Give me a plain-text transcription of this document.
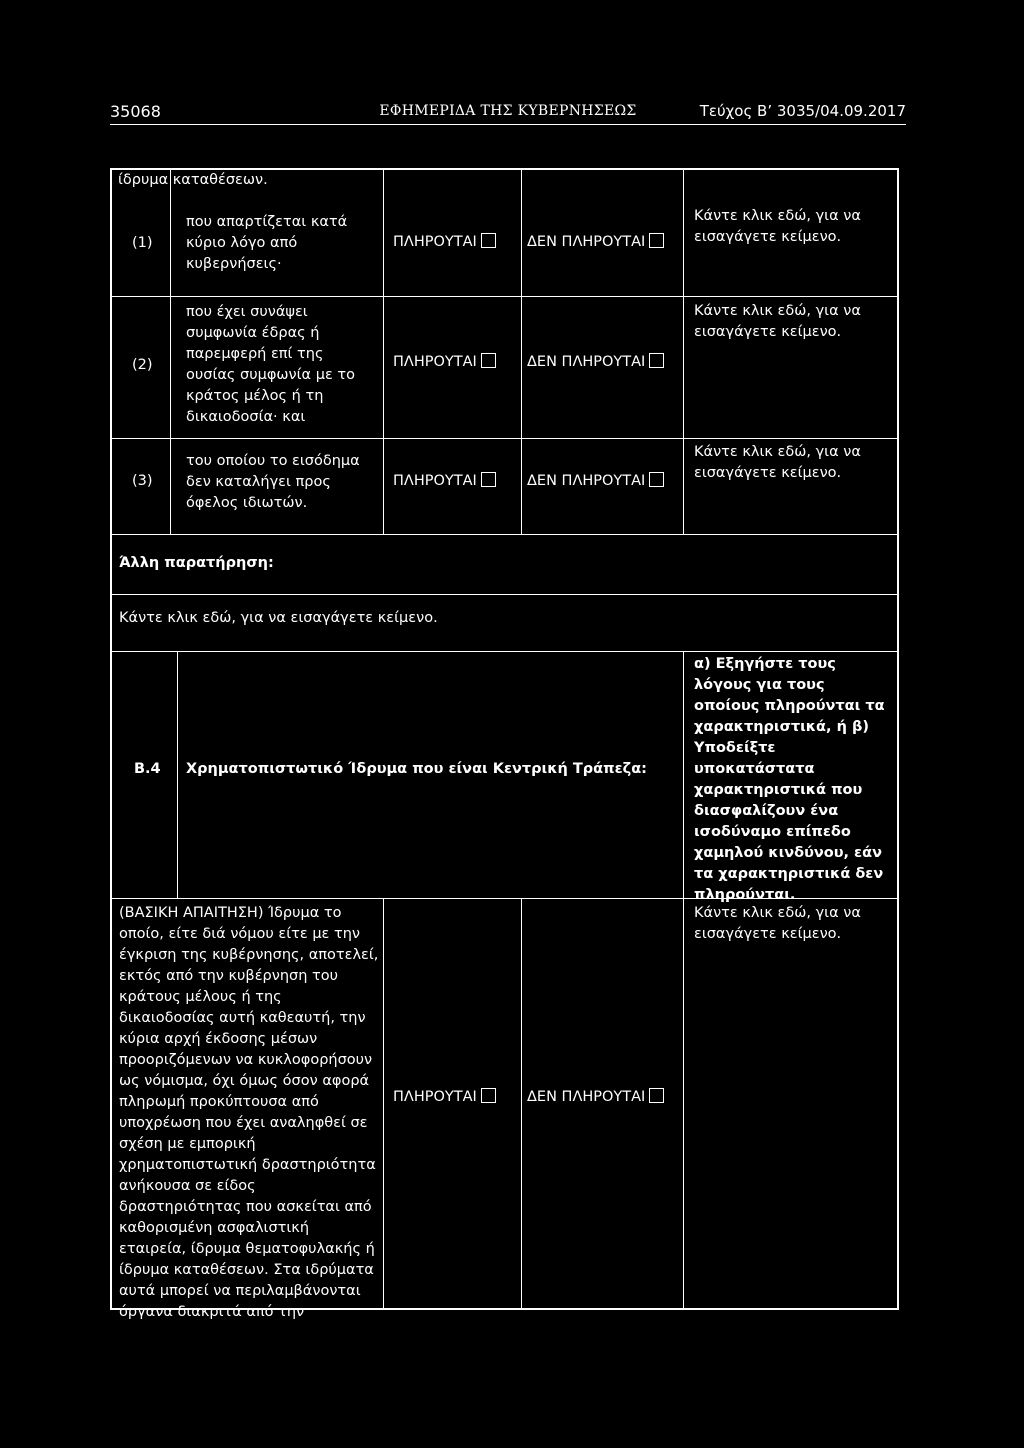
35068	ΕΦΗΜΕΡΙΔΑ ΤΗΣ ΚΥΒΕΡΝΗΣΕΩΣ	Τεύχος Β’ 3035/04.09.2017
ίδρυμα καταθέσεων.
(1)
που απαρτίζεται κατά κύριο λόγο από κυβερνήσεις·
ΠΛΗΡΟΥΤΑΙ	ΔΕΝ ΠΛΗΡΟΥΤΑΙ
Κάντε κλικ εδώ, για να εισαγάγετε κείμενο.
(2)
που έχει συνάψει συμφωνία έδρας ή παρεμφερή επί της ουσίας συμφωνία με το κράτος μέλος ή τη δικαιοδοσία· και
ΠΛΗΡΟΥΤΑΙ	ΔΕΝ ΠΛΗΡΟΥΤΑΙ
Κάντε κλικ εδώ, για να εισαγάγετε κείμενο.
(3)
του οποίου το εισόδημα δεν καταλήγει προς όφελος ιδιωτών.
ΠΛΗΡΟΥΤΑΙ	ΔΕΝ ΠΛΗΡΟΥΤΑΙ
Κάντε κλικ εδώ, για να εισαγάγετε κείμενο.
Άλλη παρατήρηση:
Κάντε κλικ εδώ, για να εισαγάγετε κείμενο.
Β.4 Χρηματοπιστωτικό Ίδρυμα που είναι Κεντρική Τράπεζα:
α) Εξηγήστε τους λόγους για τους οποίους πληρούνται τα χαρακτηριστικά, ή β) Υποδείξτε υποκατάστατα χαρακτηριστικά που διασφαλίζουν ένα ισοδύναμο επίπεδο χαμηλού κινδύνου, εάν τα χαρακτηριστικά δεν πληρούνται.
(ΒΑΣΙΚΗ ΑΠΑΙΤΗΣΗ) Ίδρυμα το οποίο, είτε διά νόμου είτε με την έγκριση της κυβέρνησης, αποτελεί, εκτός από την κυβέρνηση του κράτους μέλους ή της δικαιοδοσίας αυτή καθεαυτή, την κύρια αρχή έκδοσης μέσων προοριζόμενων να κυκλοφορήσουν ως νόμισμα, όχι όμως όσον αφορά πληρωμή προκύπτουσα από υποχρέωση που έχει αναληφθεί σε σχέση με εμπορική χρηματοπιστωτική δραστηριότητα ανήκουσα σε είδος δραστηριότητας που ασκείται από καθορισμένη ασφαλιστική εταιρεία, ίδρυμα θεματοφυλακής ή ίδρυμα καταθέσεων. Στα ιδρύματα αυτά μπορεί να περιλαμβάνονται όργανα διακριτά από την
ΠΛΗΡΟΥΤΑΙ	ΔΕΝ ΠΛΗΡΟΥΤΑΙ
Κάντε κλικ εδώ, για να εισαγάγετε κείμενο.
